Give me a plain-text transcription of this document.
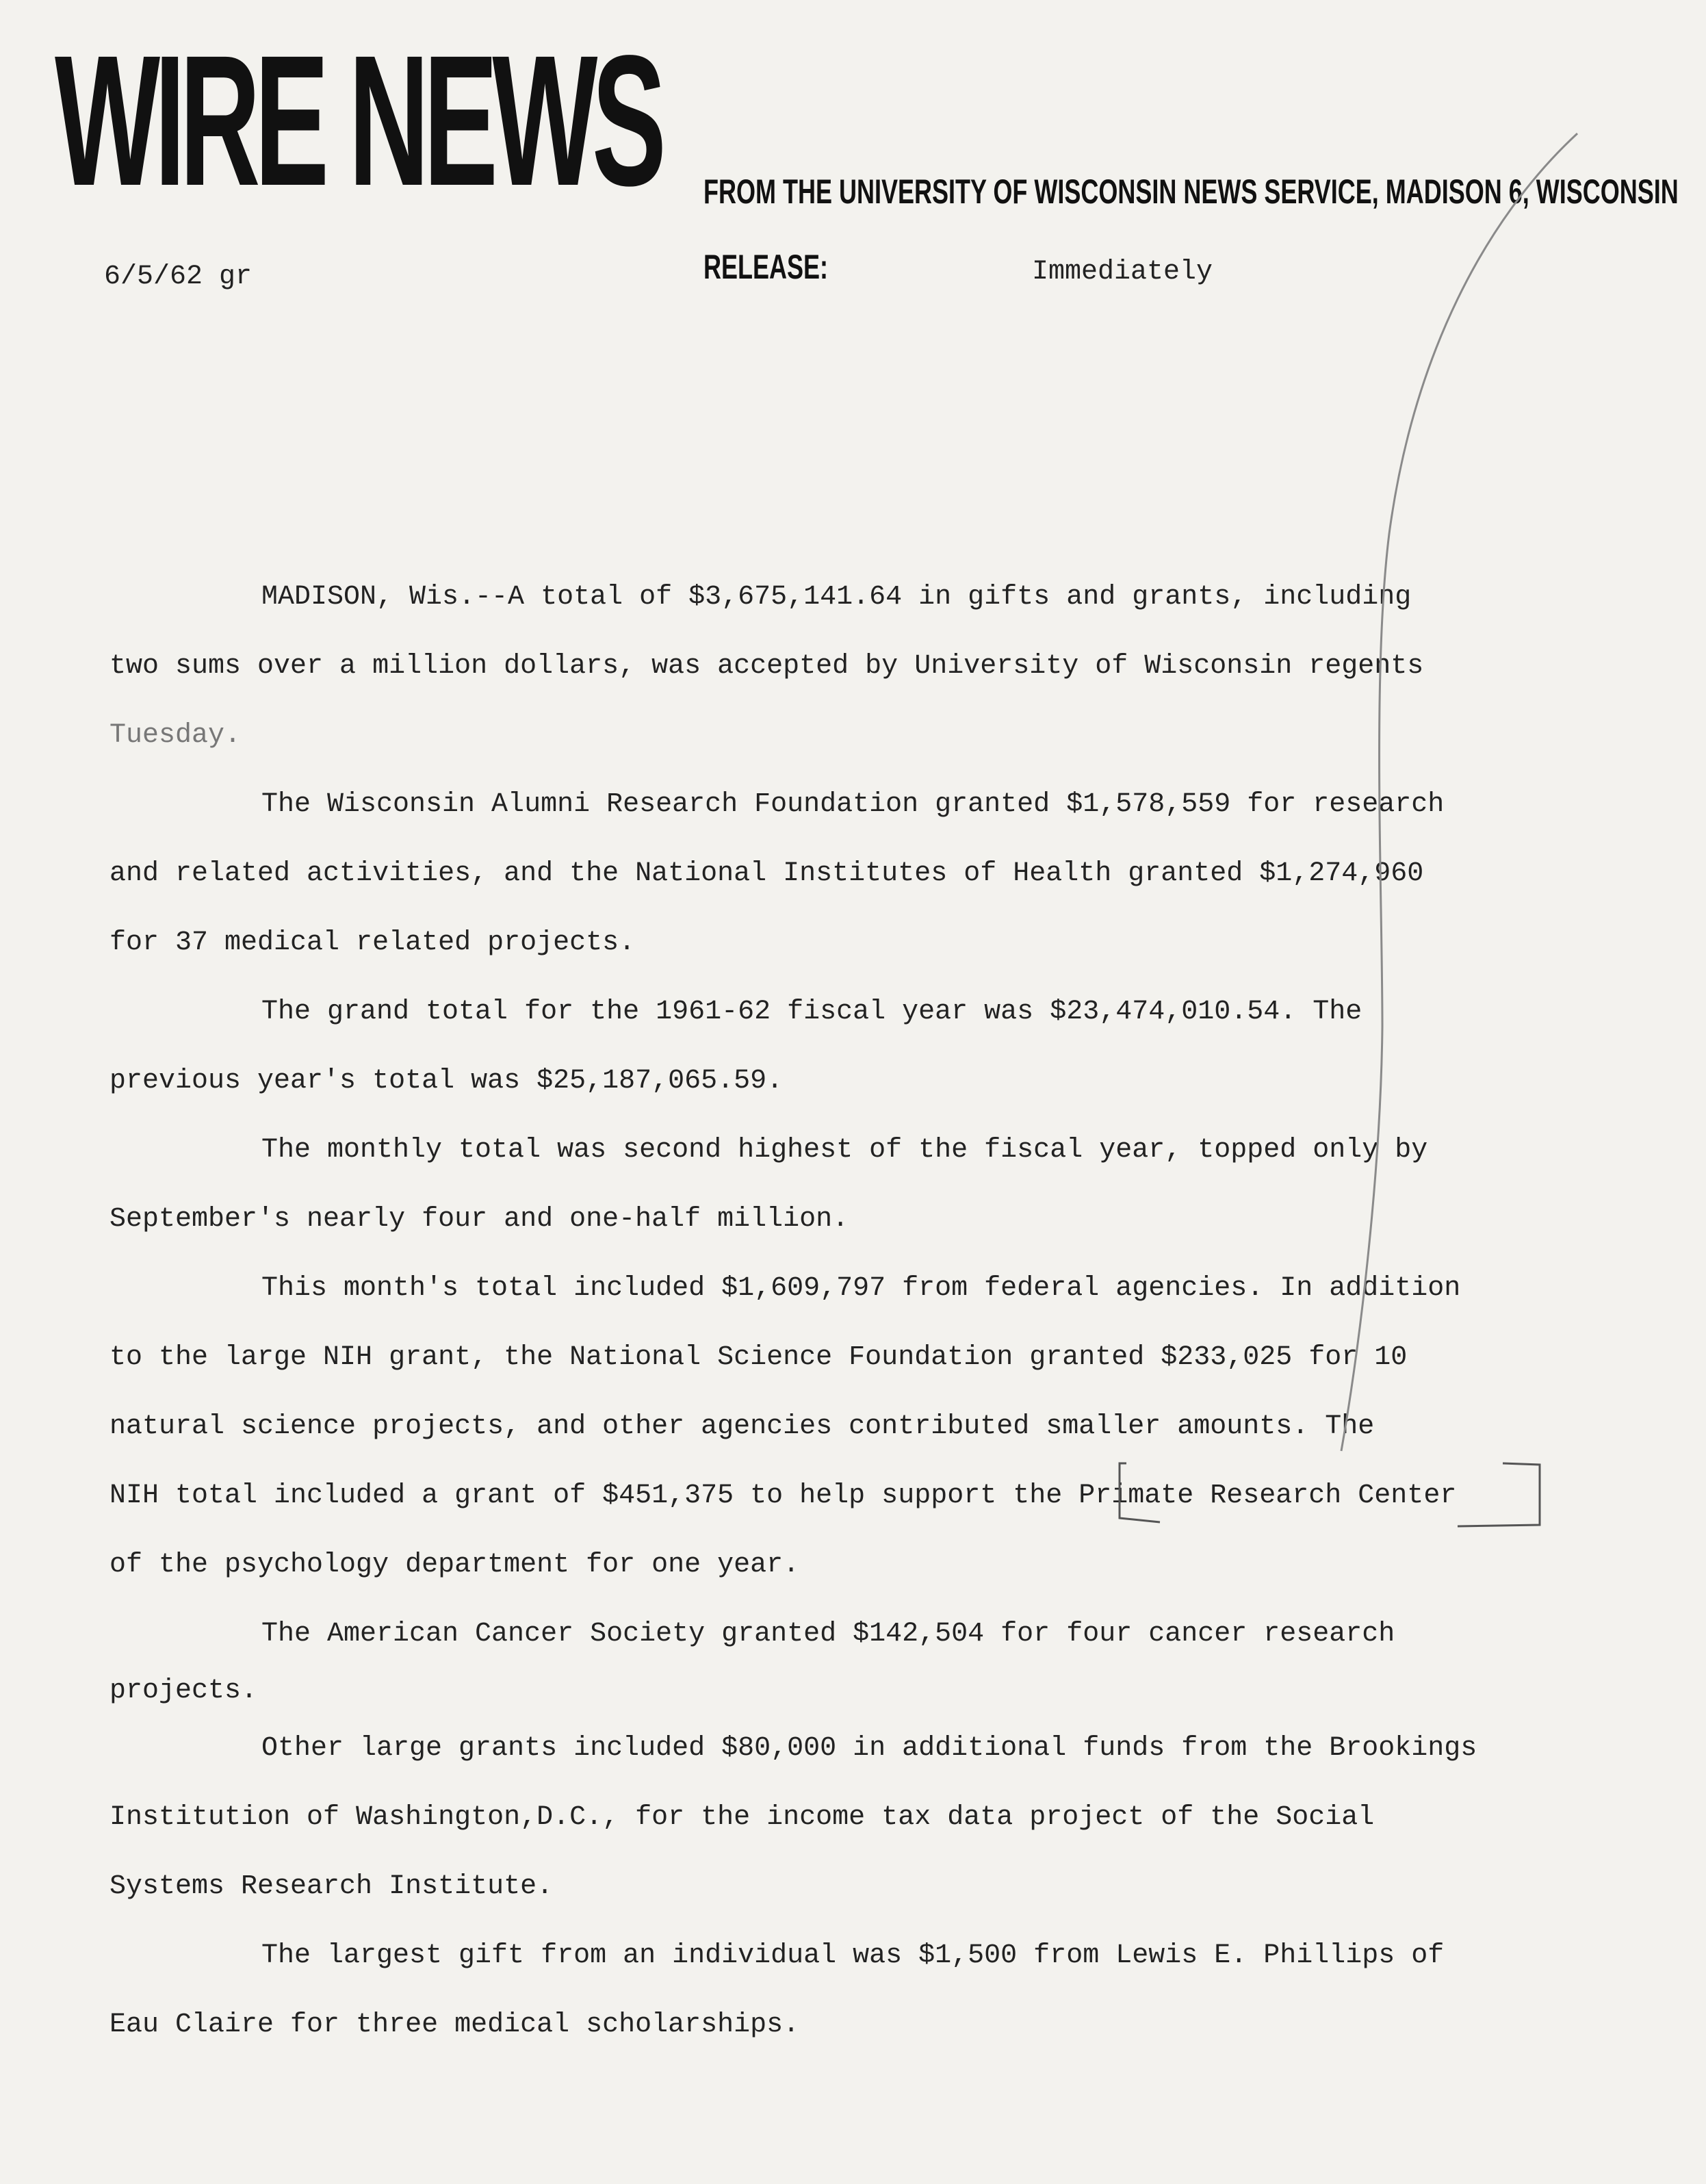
WIRE NEWS FROM THE UNIVERSITY OF WISCONSIN NEWS SERVICE, MADISON 6, WISCONSIN
6/5/62 gr	RELEASE:	Immediately
MADISON, Wis.--A total of $3,675,141.64 in gifts and grants, including
two sums over a million dollars, was accepted by University of Wisconsin regents
Tuesday.
The Wisconsin Alumni Research Foundation granted $1,578,559 for research
and related activities, and the National Institutes of Health granted $1,274,960
for 37 medical related projects.
The grand total for the 1961-62 fiscal year was $23,474,010.54. The
previous year's total was $25,187,065.59.
The monthly total was second highest of the fiscal year, topped only by
September's nearly four and one-half million.
This month's total included $1,609,797 from federal agencies. In addition
to the large NIH grant, the National Science Foundation granted $233,025 for 10
natural science projects, and other agencies contributed smaller amounts. The
NIH total included a grant of $451,375 to help support the Primate Research Center
of the psychology department for one year.
The American Cancer Society granted $142,504 for four cancer research
projects.
Other large grants included $80,000 in additional funds from the Brookings
Institution of Washington,D.C., for the income tax data project of the Social
Systems Research Institute.
The largest gift from an individual was $1,500 from Lewis E. Phillips of
Eau Claire for three medical scholarships.
